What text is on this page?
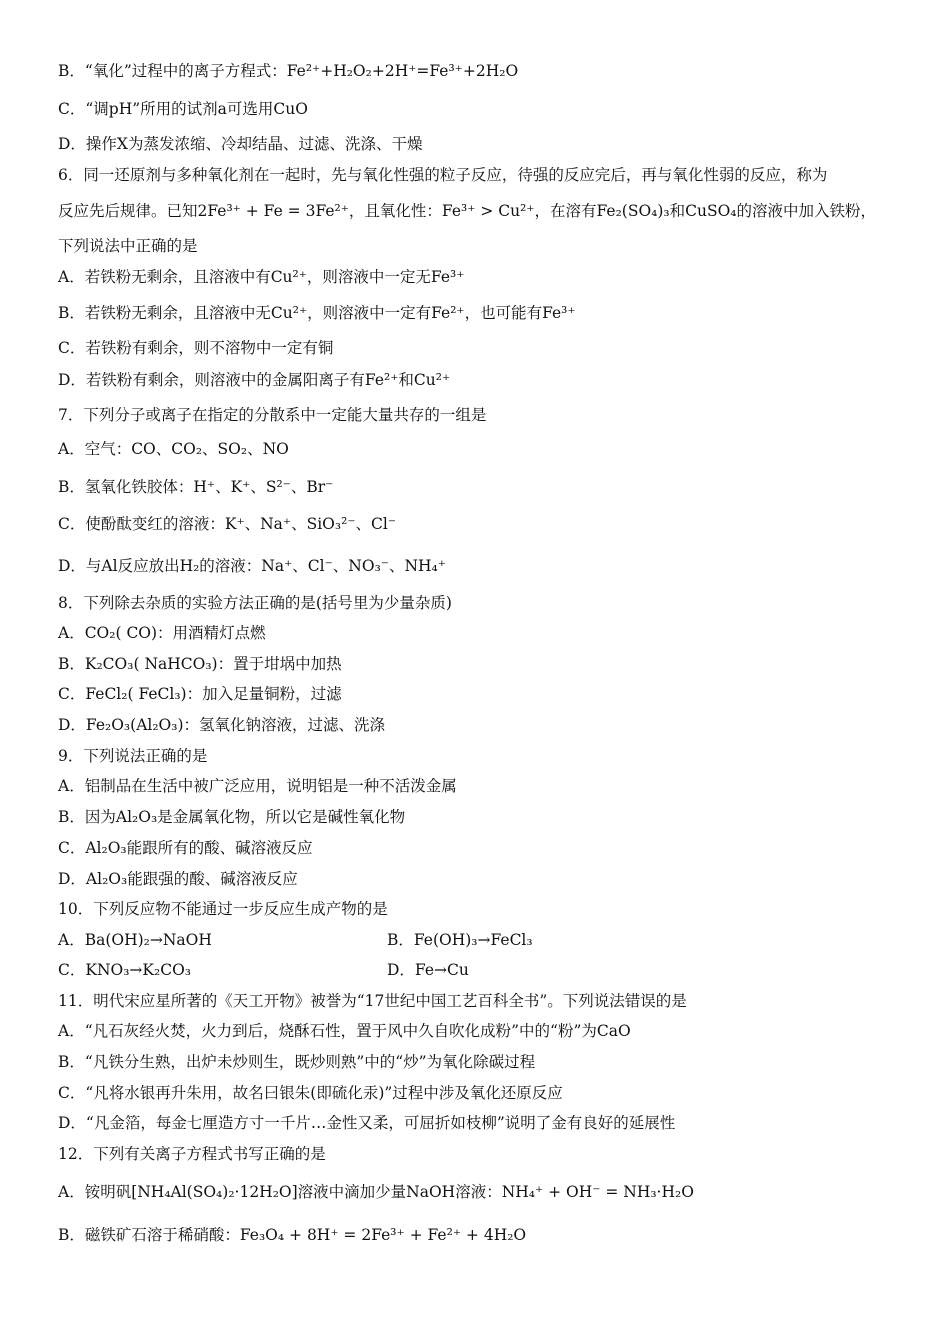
B．“氧化”过程中的离子方程式：Fe²⁺+H₂O₂+2H⁺=Fe³⁺+2H₂O
C．“调pH”所用的试剂a可选用CuO
D．操作X为蒸发浓缩、冷却结晶、过滤、洗涤、干燥
6．同一还原剂与多种氧化剂在一起时，先与氧化性强的粒子反应，待强的反应完后，再与氧化性弱的反应，称为
反应先后规律。已知2Fe³⁺ + Fe = 3Fe²⁺，且氧化性：Fe³⁺ > Cu²⁺，在溶有Fe₂(SO₄)₃和CuSO₄的溶液中加入铁粉，
下列说法中正确的是
A．若铁粉无剩余，且溶液中有Cu²⁺，则溶液中一定无Fe³⁺
B．若铁粉无剩余，且溶液中无Cu²⁺，则溶液中一定有Fe²⁺，也可能有Fe³⁺
C．若铁粉有剩余，则不溶物中一定有铜
D．若铁粉有剩余，则溶液中的金属阳离子有Fe²⁺和Cu²⁺
7．下列分子或离子在指定的分散系中一定能大量共存的一组是
A．空气：CO、CO₂、SO₂、NO
B．氢氧化铁胶体：H⁺、K⁺、S²⁻、Br⁻
C．使酚酞变红的溶液：K⁺、Na⁺、SiO₃²⁻、Cl⁻
D．与Al反应放出H₂的溶液：Na⁺、Cl⁻、NO₃⁻、NH₄⁺
8．下列除去杂质的实验方法正确的是(括号里为少量杂质)
A．CO₂( CO)：用酒精灯点燃
B．K₂CO₃( NaHCO₃)：置于坩埚中加热
C．FeCl₂( FeCl₃)：加入足量铜粉，过滤
D．Fe₂O₃(Al₂O₃)：氢氧化钠溶液，过滤、洗涤
9．下列说法正确的是
A．铝制品在生活中被广泛应用，说明铝是一种不活泼金属
B．因为Al₂O₃是金属氧化物，所以它是碱性氧化物
C．Al₂O₃能跟所有的酸、碱溶液反应
D．Al₂O₃能跟强的酸、碱溶液反应
10．下列反应物不能通过一步反应生成产物的是
A．Ba(OH)₂→NaOH	B．Fe(OH)₃→FeCl₃
C．KNO₃→K₂CO₃	D．Fe→Cu
11．明代宋应星所著的《天工开物》被誉为“17世纪中国工艺百科全书”。下列说法错误的是
A．“凡石灰经火焚，火力到后，烧酥石性，置于风中久自吹化成粉”中的“粉”为CaO
B．“凡铁分生熟，出炉未炒则生，既炒则熟”中的“炒”为氧化除碳过程
C．“凡将水银再升朱用，故名曰银朱(即硫化汞)”过程中涉及氧化还原反应
D．“凡金箔，每金七厘造方寸一千片…金性又柔，可屈折如枝柳”说明了金有良好的延展性
12．下列有关离子方程式书写正确的是
A．铵明矾[NH₄Al(SO₄)₂·12H₂O]溶液中滴加少量NaOH溶液：NH₄⁺ + OH⁻ = NH₃·H₂O
B．磁铁矿石溶于稀硝酸：Fe₃O₄ + 8H⁺ = 2Fe³⁺ + Fe²⁺ + 4H₂O
